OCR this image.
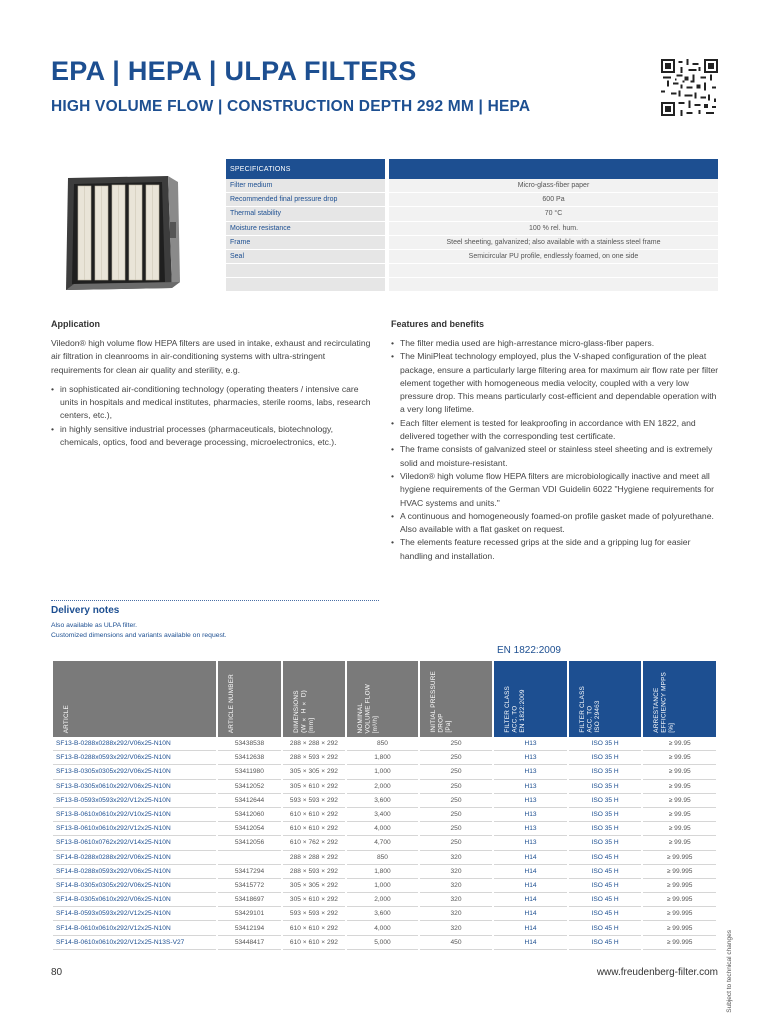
EPA | HEPA | ULPA FILTERS
HIGH VOLUME FLOW | CONSTRUCTION DEPTH 292 MM | HEPA
SPECIFICATIONS	
Filter medium	Micro-glass-fiber paper
Recommended final pressure drop	600 Pa
Thermal stability	70 °C
Moisture resistance	100 % rel. hum.
Frame	Steel sheeting, galvanized; also available with a stainless steel frame
Seal	Semicircular PU profile, endlessly foamed, on one side

Application

Viledon® high volume flow HEPA filters are used in intake, exhaust and recirculating air filtration in cleanrooms in air-conditioning systems with ultra-stringent requirements for clean air quality and sterility, e.g.

• in sophisticated air-conditioning technology (operating theaters / intensive care units in hospitals and medical institutes, pharmacies, sterile rooms, labs, research centers, etc.),
• in highly sensitive industrial processes (pharmaceuticals, biotechnology, chemicals, optics, food and beverage processing, microelectronics, etc.).
Features and benefits
• The filter media used are high-arrestance micro-glass-fiber papers.
• The MiniPleat technology employed, plus the V-shaped configuration of the pleat package, ensure a particularly large filtering area for maximum air flow rate per filter element together with homogeneous media velocity, coupled with a very low pressure drop. This means particularly cost-efficient and dependable operation with a very long lifetime.
• Each filter element is tested for leakproofing in accordance with EN 1822, and delivered together with the corresponding test certificate.
• The frame consists of galvanized steel or stainless steel sheeting and is extremely solid and moisture-resistant.
• Viledon® high volume flow HEPA filters are microbiologically inactive and meet all hygiene requirements of the German VDI Guidelin 6022 "Hygiene requirements for HVAC systems and units."
• A continuous and homogeneously foamed-on profile gasket made of polyurethane. Also available with a flat gasket on request.
• The elements feature recessed grips at the side and a gripping lug for easier handling and installation.
Delivery notes
Also available as ULPA filter.
Customized dimensions and variants available on request.
EN 1822:2009
ARTICLE	ARTICLE NUMBER	DIMENSIONS
(W × H × D)
[mm]	NOMINAL
VOLUME FLOW
[m³/h]	INITIAL PRESSURE
DROP
[Pa]	FILTER CLASS
ACC. TO
EN 1822:2009	FILTER CLASS
ACC. TO
ISO 29463	ARRESTANCE
EFFICIENCY MPPS
[%]

SF13-B-0288x0288x292/V06x25-N10N	53438538	288 × 288 × 292	850	250	H13	ISO 35 H	≥ 99.95
SF13-B-0288x0593x292/V06x25-N10N	53412638	288 × 593 × 292	1,800	250	H13	ISO 35 H	≥ 99.95
SF13-B-0305x0305x292/V06x25-N10N	53411980	305 × 305 × 292	1,000	250	H13	ISO 35 H	≥ 99.95
SF13-B-0305x0610x292/V06x25-N10N	53412052	305 × 610 × 292	2,000	250	H13	ISO 35 H	≥ 99.95
SF13-B-0593x0593x292/V12x25-N10N	53412644	593 × 593 × 292	3,600	250	H13	ISO 35 H	≥ 99.95
SF13-B-0610x0610x292/V10x25-N10N	53412060	610 × 610 × 292	3,400	250	H13	ISO 35 H	≥ 99.95
SF13-B-0610x0610x292/V12x25-N10N	53412054	610 × 610 × 292	4,000	250	H13	ISO 35 H	≥ 99.95
SF13-B-0610x0762x292/V14x25-N10N	53412056	610 × 762 × 292	4,700	250	H13	ISO 35 H	≥ 99.95
SF14-B-0288x0288x292/V06x25-N10N		288 × 288 × 292	850	320	H14	ISO 45 H	≥ 99.995
SF14-B-0288x0593x292/V06x25-N10N	53417294	288 × 593 × 292	1,800	320	H14	ISO 45 H	≥ 99.995
SF14-B-0305x0305x292/V06x25-N10N	53415772	305 × 305 × 292	1,000	320	H14	ISO 45 H	≥ 99.995
SF14-B-0305x0610x292/V06x25-N10N	53418697	305 × 610 × 292	2,000	320	H14	ISO 45 H	≥ 99.995
SF14-B-0593x0593x292/V12x25-N10N	53429101	593 × 593 × 292	3,600	320	H14	ISO 45 H	≥ 99.995
SF14-B-0610x0610x292/V12x25-N10N	53412194	610 × 610 × 292	4,000	320	H14	ISO 45 H	≥ 99.995
SF14-B-0610x0610x292/V12x25-N13S-V27	53448417	610 × 610 × 292	5,000	450	H14	ISO 45 H	≥ 99.995	Subject to technical changes

80	www.freudenberg-filter.com
